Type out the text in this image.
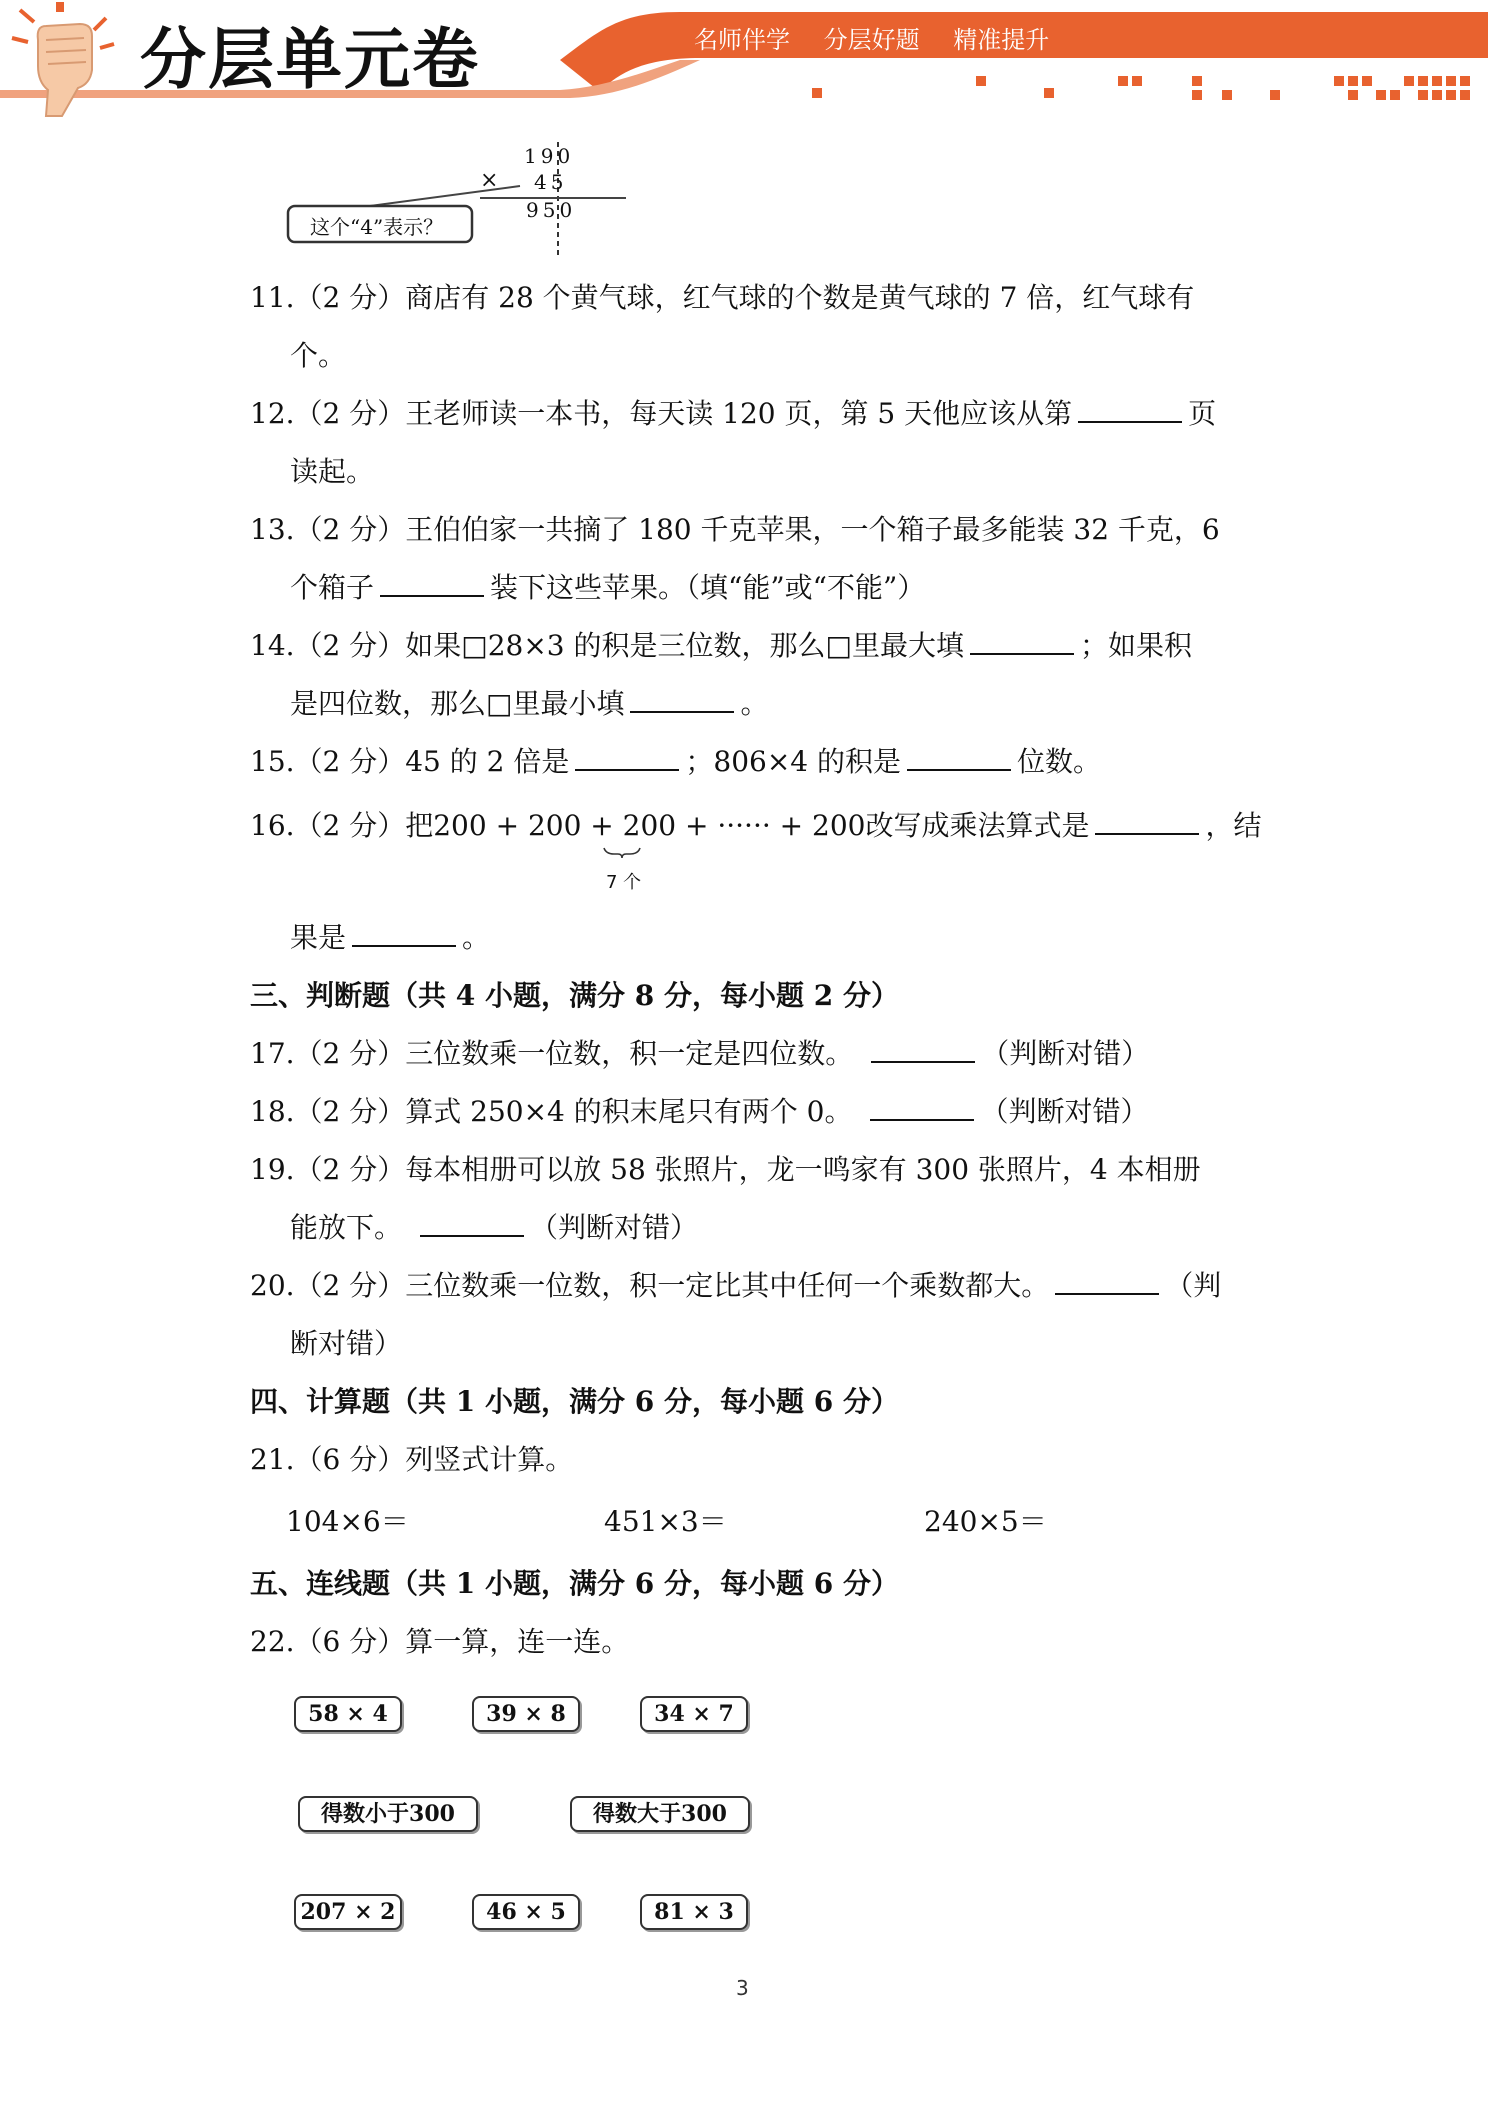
分层单元卷	名师伴学 分层好题 精准提升
190
× 45
950
这个“4”表示？
11.（2 分）商店有 28 个黄气球，红气球的个数是黄气球的 7 倍，红气球有
个。
12.（2 分）王老师读一本书，每天读 120 页，第 5 天他应该从第	页
读起。
13.（2 分）王伯伯家一共摘了 180 千克苹果，一个箱子最多能装 32 千克，6
个箱子	装下这些苹果。（填“能”或“不能”）
14.（2 分）如果□28×3 的积是三位数，那么□里最大填	；如果积
是四位数，那么□里最小填	。
15.（2 分）45 的 2 倍是	；806×4 的积是	位数。
16.（2 分）把200 + 200 + 200 + ······ + 200改写成乘法算式是	，结
7 个
果是	。
三、判断题（共 4 小题，满分 8 分，每小题 2 分）
17.（2 分）三位数乘一位数，积一定是四位数。	（判断对错）
18.（2 分）算式 250×4 的积末尾只有两个 0。	（判断对错）
19.（2 分）每本相册可以放 58 张照片，龙一鸣家有 300 张照片，4 本相册
能放下。	（判断对错）
20.（2 分）三位数乘一位数，积一定比其中任何一个乘数都大。	（判
断对错）
四、计算题（共 1 小题，满分 6 分，每小题 6 分）
21.（6 分）列竖式计算。
104×6＝	451×3＝	240×5＝
五、连线题（共 1 小题，满分 6 分，每小题 6 分）
22.（6 分）算一算，连一连。
58 × 4	39 × 8	34 × 7
得数小于300	得数大于300
207 × 2	46 × 5	81 × 3
3
